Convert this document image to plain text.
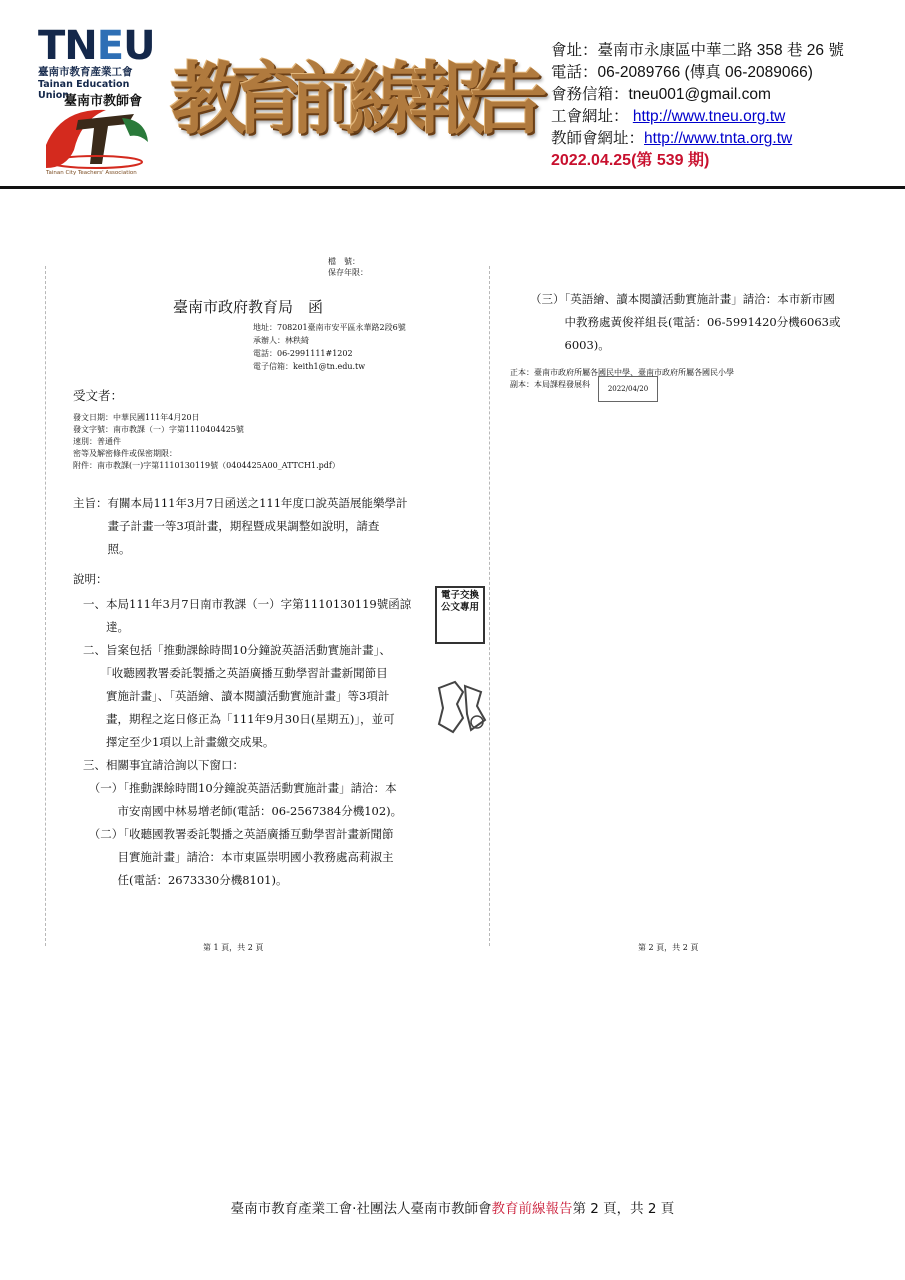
TNEU
臺南市教育產業工會
Tainan Education Union
臺南市教師會
Tainan City Teachers' Association
教
育
前
線
報
告
會址：臺南市永康區中華二路 358 巷 26 號
電話：06-2089766 (傳真 06-2089066)
會務信箱：tneu001@gmail.com
工會網址： http://www.tneu.org.tw
教師會網址：http://www.tnta.org.tw
2022.04.25(第 539 期)
檔　號：
保存年限：
臺南市政府教育局　函
地址：708201臺南市安平區永華路2段6號
承辦人：林秩綺
電話：06-2991111#1202
電子信箱：keith1@tn.edu.tw
受文者：
發文日期：中華民國111年4月20日
發文字號：南市教課（一）字第1110404425號
速別：普通件
密等及解密條件或保密期限：
附件：南市教課(一)字第1110130119號（0404425A00_ATTCH1.pdf）
主旨：有關本局111年3月7日函送之111年度口說英語展能樂學計
　　　畫子計畫一等3項計畫，期程暨成果調整如說明，請查
　　　照。
說明：
一、本局111年3月7日南市教課（一）字第1110130119號函諒
　　達。
二、旨案包括「推動課餘時間10分鐘說英語活動實施計畫」、
　　「收聽國教署委託製播之英語廣播互動學習計畫新聞節目
　　實施計畫」、「英語繪、讀本閱讀活動實施計畫」等3項計
　　畫，期程之迄日修正為「111年9月30日(星期五)」，並可
　　擇定至少1項以上計畫繳交成果。
三、相關事宜請洽詢以下窗口：
　（一）「推動課餘時間10分鐘說英語活動實施計畫」請洽：本
　　　市安南國中林易增老師(電話：06-2567384分機102)。
　（二）「收聽國教署委託製播之英語廣播互動學習計畫新聞節
　　　目實施計畫」請洽：本市東區崇明國小教務處高莉淑主
　　　任(電話：2673330分機8101)。
電子交換
公文專用
第 1 頁，共 2 頁
（三）「英語繪、讀本閱讀活動實施計畫」請洽：本市新市國
　　　中教務處黃俊祥組長(電話：06-5991420分機6063或
　　　6003)。
正本：臺南市政府所屬各國民中學、臺南市政府所屬各國民小學
副本：本局課程發展科	2022/04/20
第 2 頁，共 2 頁
臺南市教育產業工會‧社團法人臺南市教師會教育前線報告第 2 頁，共 2 頁
